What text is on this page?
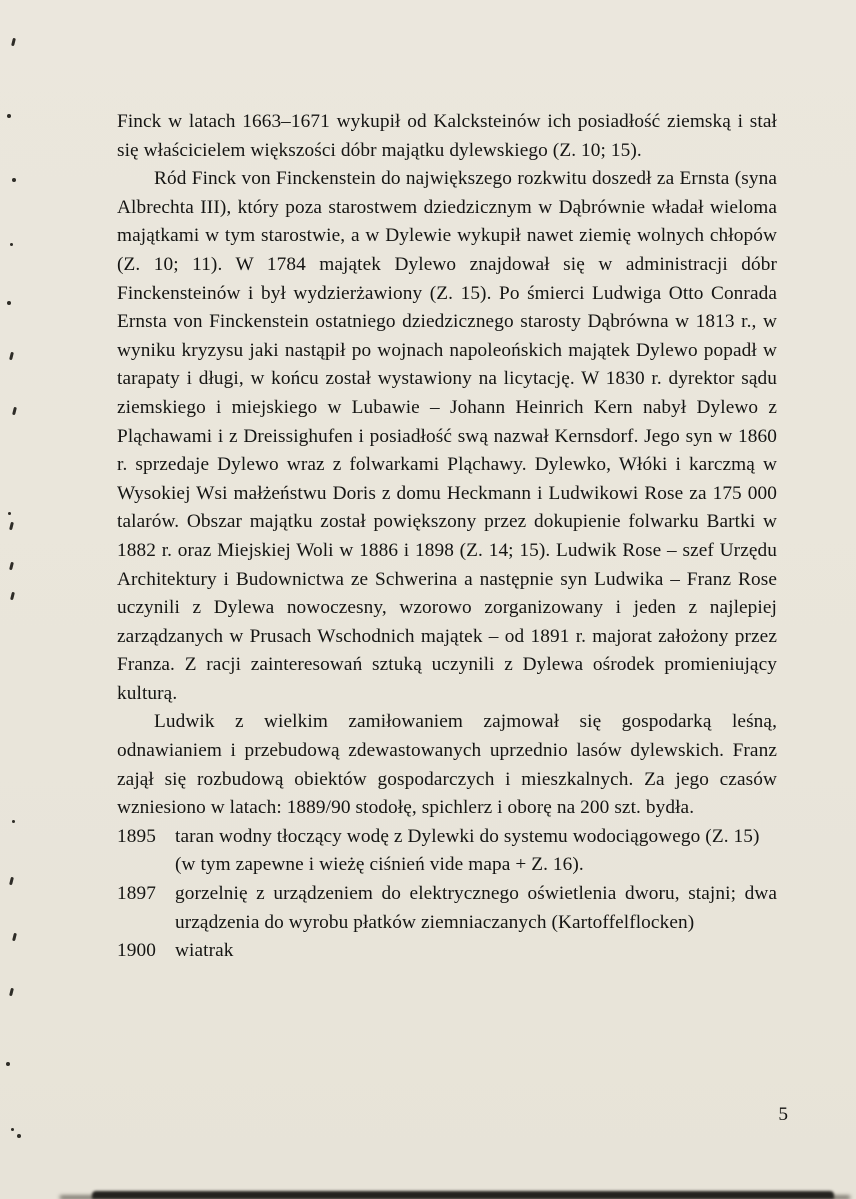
Finck w latach 1663–1671 wykupił od Kalcksteinów ich posiadłość ziemską i stał się właścicielem większości dóbr majątku dylewskiego (Z. 10; 15).

Ród Finck von Finckenstein do największego rozkwitu doszedł za Ernsta (syna Albrechta III), który poza starostwem dziedzicznym w Dąbrównie władał wieloma majątkami w tym starostwie, a w Dylewie wykupił nawet ziemię wolnych chłopów (Z. 10; 11). W 1784 majątek Dylewo znajdował się w administracji dóbr Finckensteinów i był wydzierżawiony (Z. 15). Po śmierci Ludwiga Otto Conrada Ernsta von Finckenstein ostatniego dziedzicznego starosty Dąbrówna w 1813 r., w wyniku kryzysu jaki nastąpił po wojnach napoleońskich majątek Dylewo popadł w tarapaty i długi, w końcu został wystawiony na licytację. W 1830 r. dyrektor sądu ziemskiego i miejskiego w Lubawie – Johann Heinrich Kern nabył Dylewo z Pląchawami i z Dreissighufen i posiadłość swą nazwał Kernsdorf. Jego syn w 1860 r. sprzedaje Dylewo wraz z folwarkami Pląchawy. Dylewko, Włóki i karczmą w Wysokiej Wsi małżeństwu Doris z domu Heckmann i Ludwikowi Rose za 175 000 talarów. Obszar majątku został powiększony przez dokupienie folwarku Bartki w 1882 r. oraz Miejskiej Woli w 1886 i 1898 (Z. 14; 15). Ludwik Rose – szef Urzędu Architektury i Budownictwa ze Schwerina a następnie syn Ludwika – Franz Rose uczynili z Dylewa nowoczesny, wzorowo zorganizowany i jeden z najlepiej zarządzanych w Prusach Wschodnich majątek – od 1891 r. majorat założony przez Franza. Z racji zainteresowań sztuką uczynili z Dylewa ośrodek promieniujący kulturą.

Ludwik z wielkim zamiłowaniem zajmował się gospodarką leśną, odnawianiem i przebudową zdewastowanych uprzednio lasów dylewskich. Franz zajął się rozbudową obiektów gospodarczych i mieszkalnych. Za jego czasów wzniesiono w latach: 1889/90 stodołę, spichlerz i oborę na 200 szt. bydła.

1895 taran wodny tłoczący wodę z Dylewki do systemu wodociągowego (Z. 15)

(w tym zapewne i wieżę ciśnień vide mapa + Z. 16).

1897 gorzelnię z urządzeniem do elektrycznego oświetlenia dworu, stajni; dwa urządzenia do wyrobu płatków ziemniaczanych (Kartoffelflocken)

1900 wiatrak

5
